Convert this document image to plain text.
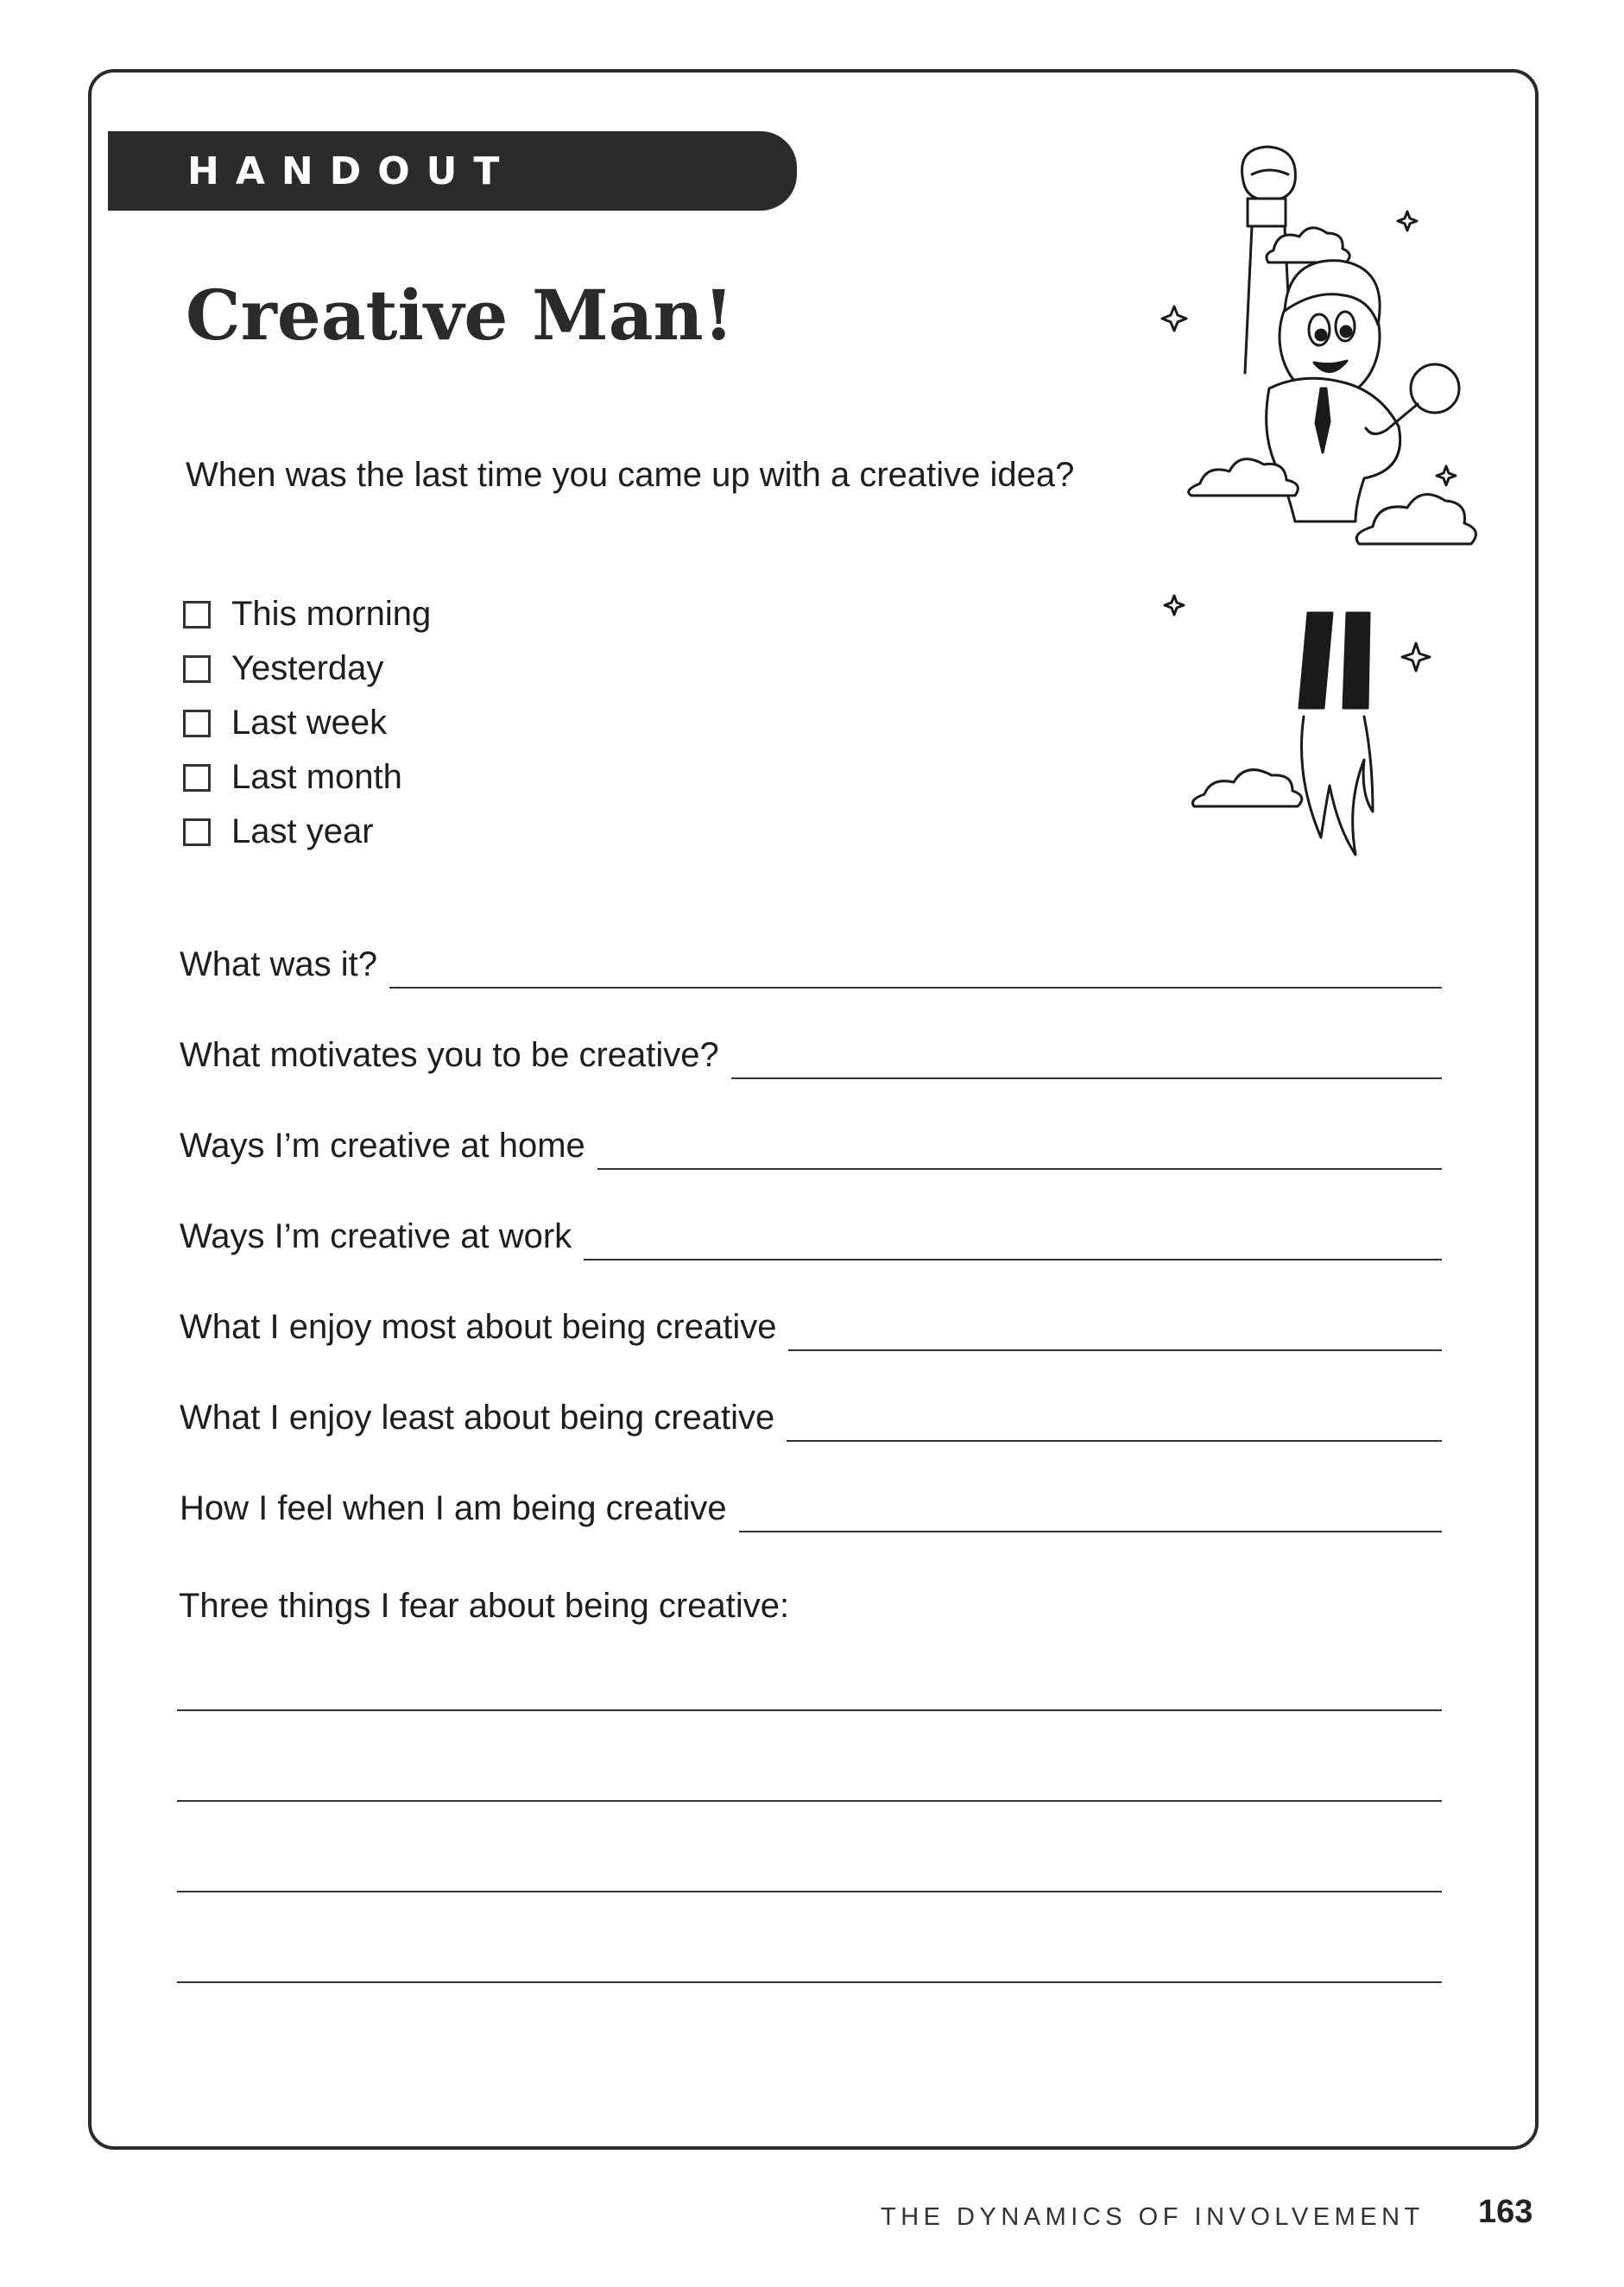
HANDOUT
Creative Man!
When was the last time you came up with a creative idea?
This morning
Yesterday
Last week
Last month
Last year
What was it?
What motivates you to be creative?
Ways I’m creative at home
Ways I’m creative at work
What I enjoy most about being creative
What I enjoy least about being creative
How I feel when I am being creative
Three things I fear about being creative:
THE DYNAMICS OF INVOLVEMENT 163
